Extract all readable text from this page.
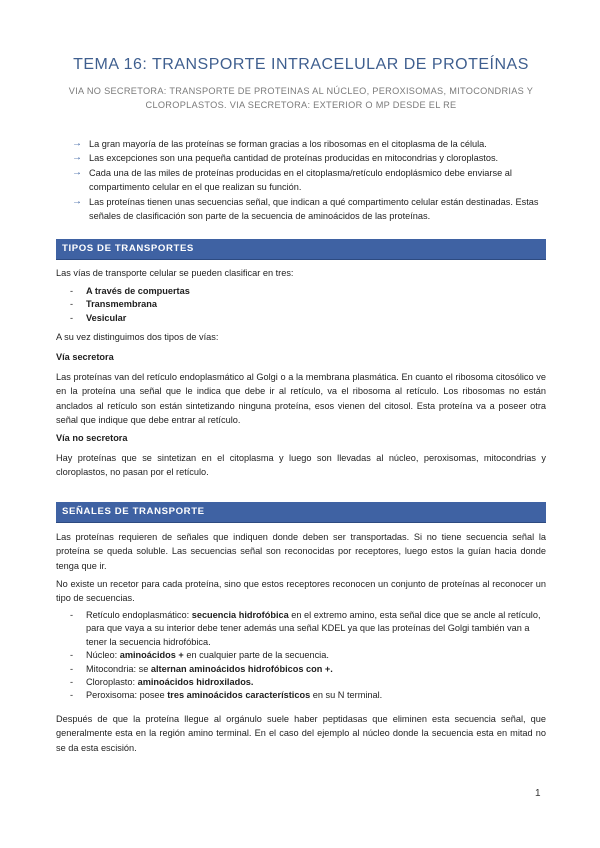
TEMA 16: TRANSPORTE INTRACELULAR DE PROTEÍNAS
VIA NO SECRETORA: TRANSPORTE DE PROTEINAS AL NÚCLEO, PEROXISOMAS, MITOCONDRIAS Y
CLOROPLASTOS. VIA SECRETORA: EXTERIOR O MP DESDE EL RE
→ La gran mayoría de las proteínas se forman gracias a los ribosomas en el citoplasma de la célula.
→ Las excepciones son una pequeña cantidad de proteínas producidas en mitocondrias y cloroplastos.
→ Cada una de las miles de proteínas producidas en el citoplasma/retículo endoplásmico debe enviarse al compartimento celular en el que realizan su función.
→ Las proteínas tienen unas secuencias señal, que indican a qué compartimento celular están destinadas. Estas señales de clasificación son parte de la secuencia de aminoácidos de las proteínas.
TIPOS DE TRANSPORTES
Las vías de transporte celular se pueden clasificar en tres:
- A través de compuertas
- Transmembrana
- Vesicular
A su vez distinguimos dos tipos de vías:
Vía secretora
Las proteínas van del retículo endoplasmático al Golgi o a la membrana plasmática. En cuanto el ribosoma citosólico ve en la proteína una señal que le indica que debe ir al retículo, va el ribosoma al retículo. Los ribosomas no están anclados al retículo son están sintetizando ninguna proteína, esos vienen del citosol. Esta proteína va a poseer otra señal que indique que debe entrar al retículo.
Vía no secretora
Hay proteínas que se sintetizan en el citoplasma y luego son llevadas al núcleo, peroxisomas, mitocondrias y cloroplastos, no pasan por el retículo.
SEÑALES DE TRANSPORTE
Las proteínas requieren de señales que indiquen donde deben ser transportadas. Si no tiene secuencia señal la proteína se queda soluble. Las secuencias señal son reconocidas por receptores, luego estos la guían hacia donde tenga que ir.
No existe un recetor para cada proteína, sino que estos receptores reconocen un conjunto de proteínas al reconocer un tipo de secuencias.
- Retículo endoplasmático: secuencia hidrofóbica en el extremo amino, esta señal dice que se ancle al retículo, para que vaya a su interior debe tener además una señal KDEL ya que las proteínas del Golgi también van a tener la secuencia hidrofóbica.
- Núcleo: aminoácidos + en cualquier parte de la secuencia.
- Mitocondria: se alternan aminoácidos hidrofóbicos con +.
- Cloroplasto: aminoácidos hidroxilados.
- Peroxisoma: posee tres aminoácidos característicos en su N terminal.
Después de que la proteína llegue al orgánulo suele haber peptidasas que eliminen esta secuencia señal, que generalmente esta en la región amino terminal. En el caso del ejemplo al núcleo donde la secuencia esta en mitad no se da esta escisión.
1
